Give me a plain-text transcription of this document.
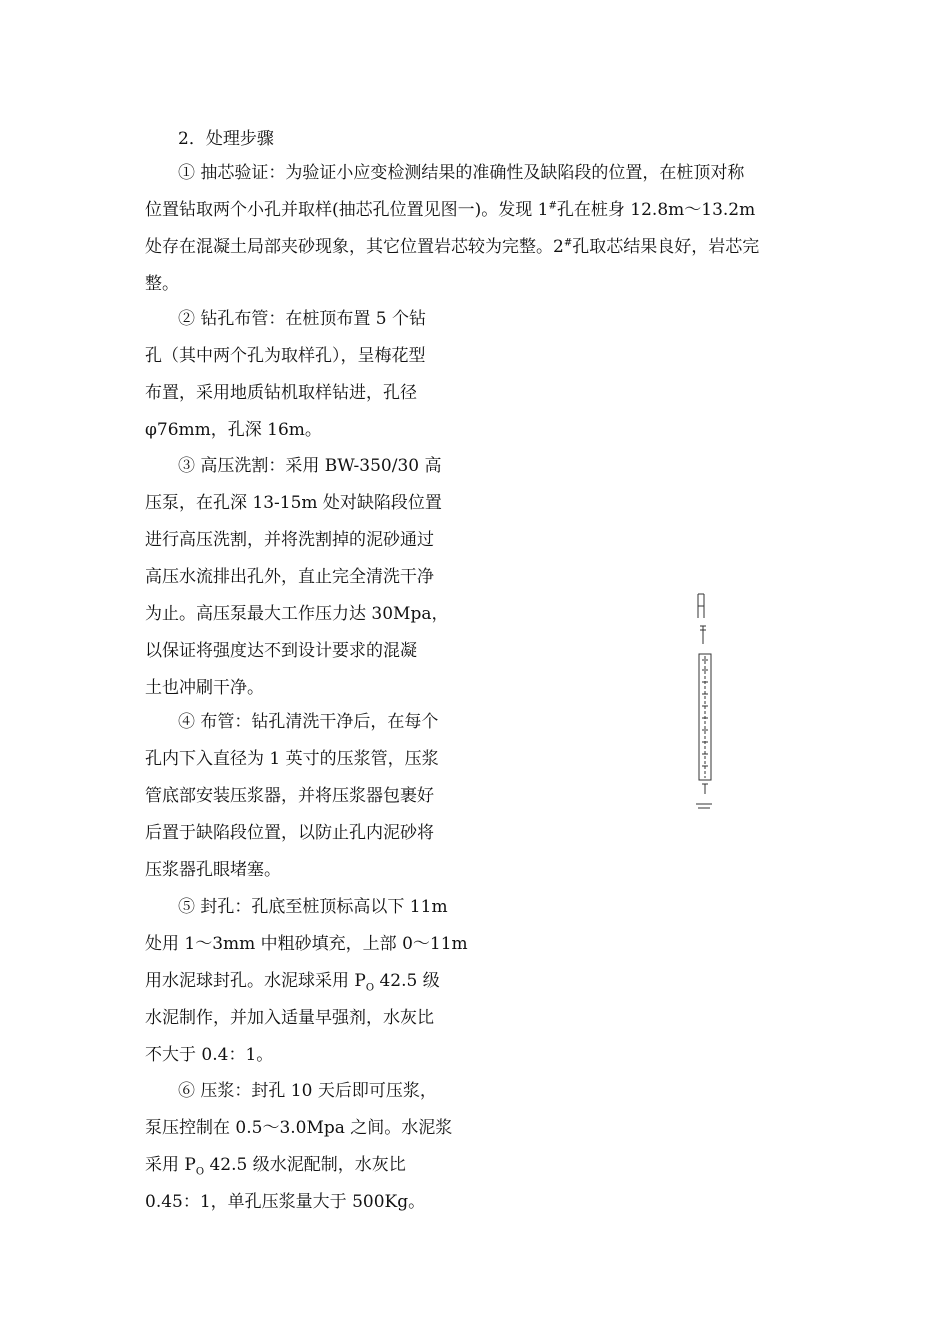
2．处理步骤
① 抽芯验证：为验证小应变检测结果的准确性及缺陷段的位置，在桩顶对称
位置钻取两个小孔并取样(抽芯孔位置见图一)。发现 1#孔在桩身 12.8m～13.2m
处存在混凝土局部夹砂现象，其它位置岩芯较为完整。2#孔取芯结果良好，岩芯完
整。
② 钻孔布管：在桩顶布置 5 个钻
孔（其中两个孔为取样孔），呈梅花型
布置，采用地质钻机取样钻进，孔径
φ76mm，孔深 16m。
③ 高压洗割：采用 BW-350/30 高
压泵，在孔深 13-15m 处对缺陷段位置
进行高压洗割，并将洗割掉的泥砂通过
高压水流排出孔外，直止完全清洗干净
为止。高压泵最大工作压力达 30Mpa，
以保证将强度达不到设计要求的混凝
土也冲刷干净。
④ 布管：钻孔清洗干净后，在每个
孔内下入直径为 1 英寸的压浆管，压浆
管底部安装压浆器，并将压浆器包裹好
后置于缺陷段位置，以防止孔内泥砂将
压浆器孔眼堵塞。
⑤ 封孔：孔底至桩顶标高以下 11m
处用 1～3mm 中粗砂填充，上部 0～11m
用水泥球封孔。水泥球采用 $P_O$ 42.5 级
水泥制作，并加入适量早强剂，水灰比
不大于 0.4：1。
⑥ 压浆：封孔 10 天后即可压浆，
泵压控制在 0.5～3.0Mpa 之间。水泥浆
采用 $P_O$ 42.5 级水泥配制，水灰比
0.45：1，单孔压浆量大于 500Kg。
